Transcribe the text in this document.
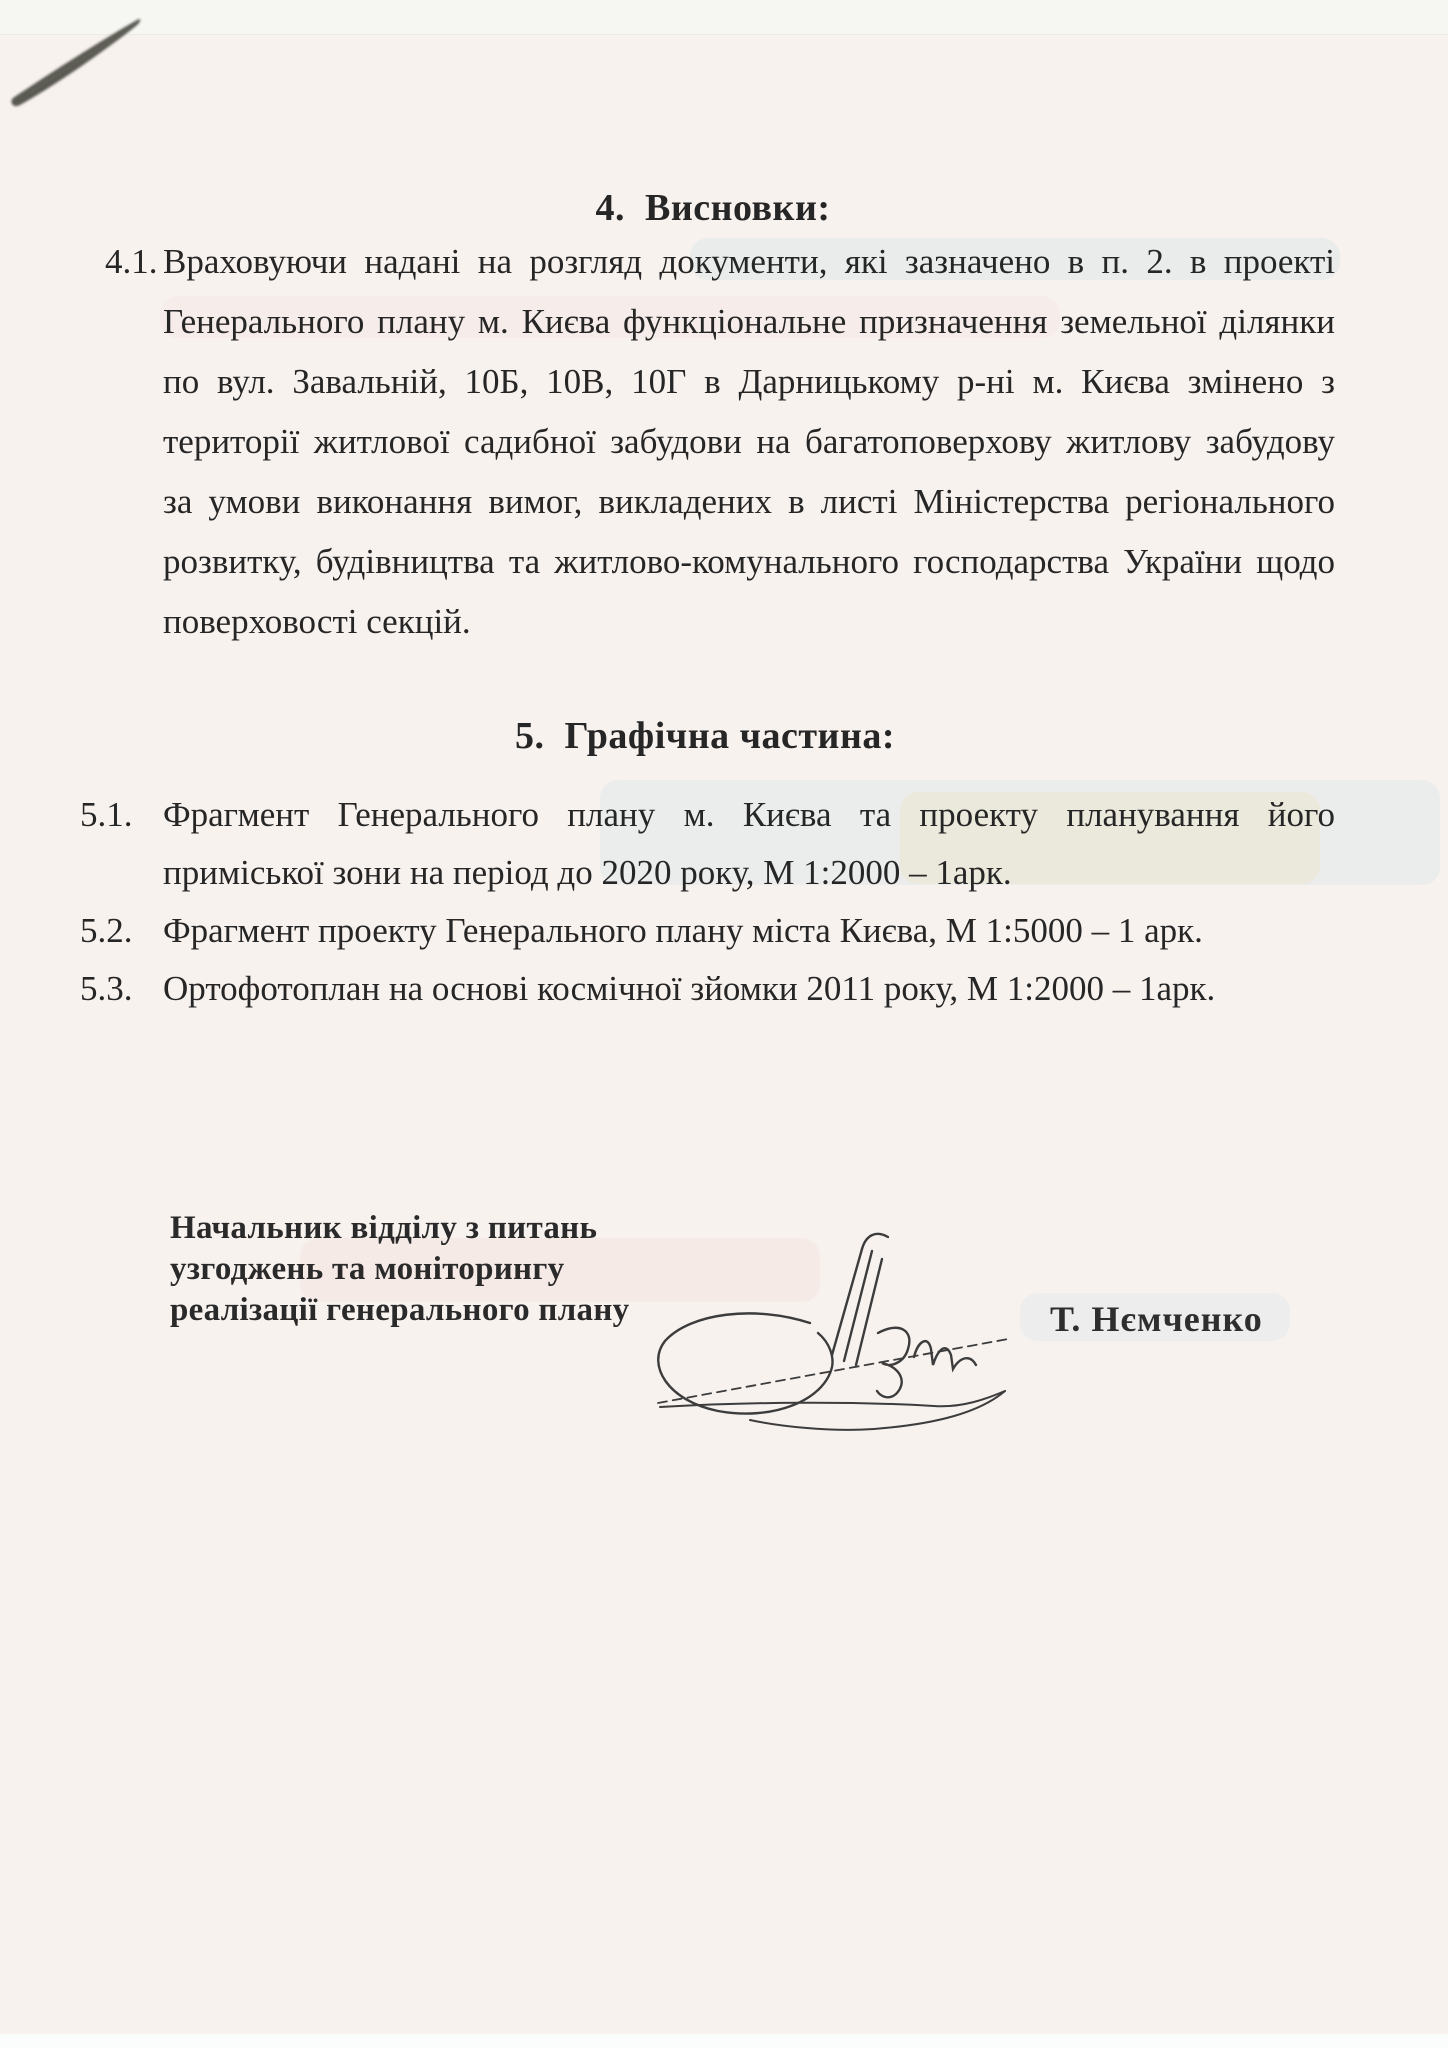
4. Висновки:
4.1. Враховуючи надані на розгляд документи, які зазначено в п. 2. в проекті
Генерального плану м. Києва функціональне призначення земельної ділянки
по вул. Завальній, 10Б, 10В, 10Г в Дарницькому р-ні м. Києва змінено з
території житлової садибної забудови на багатоповерхову житлову забудову
за умови виконання вимог, викладених в листі Міністерства регіонального
розвитку, будівництва та житлово-комунального господарства України щодо
поверховості секцій.
5. Графічна частина:
5.1. Фрагмент Генерального плану м. Києва та проекту планування його
приміської зони на період до 2020 року, М 1:2000 – 1арк.
5.2. Фрагмент проекту Генерального плану міста Києва, М 1:5000 – 1 арк.
5.3. Ортофотоплан на основі космічної зйомки 2011 року, М 1:2000 – 1арк.
Начальник відділу з питань
узгоджень та моніторингу
реалізації генерального плану	Т. Нємченко
